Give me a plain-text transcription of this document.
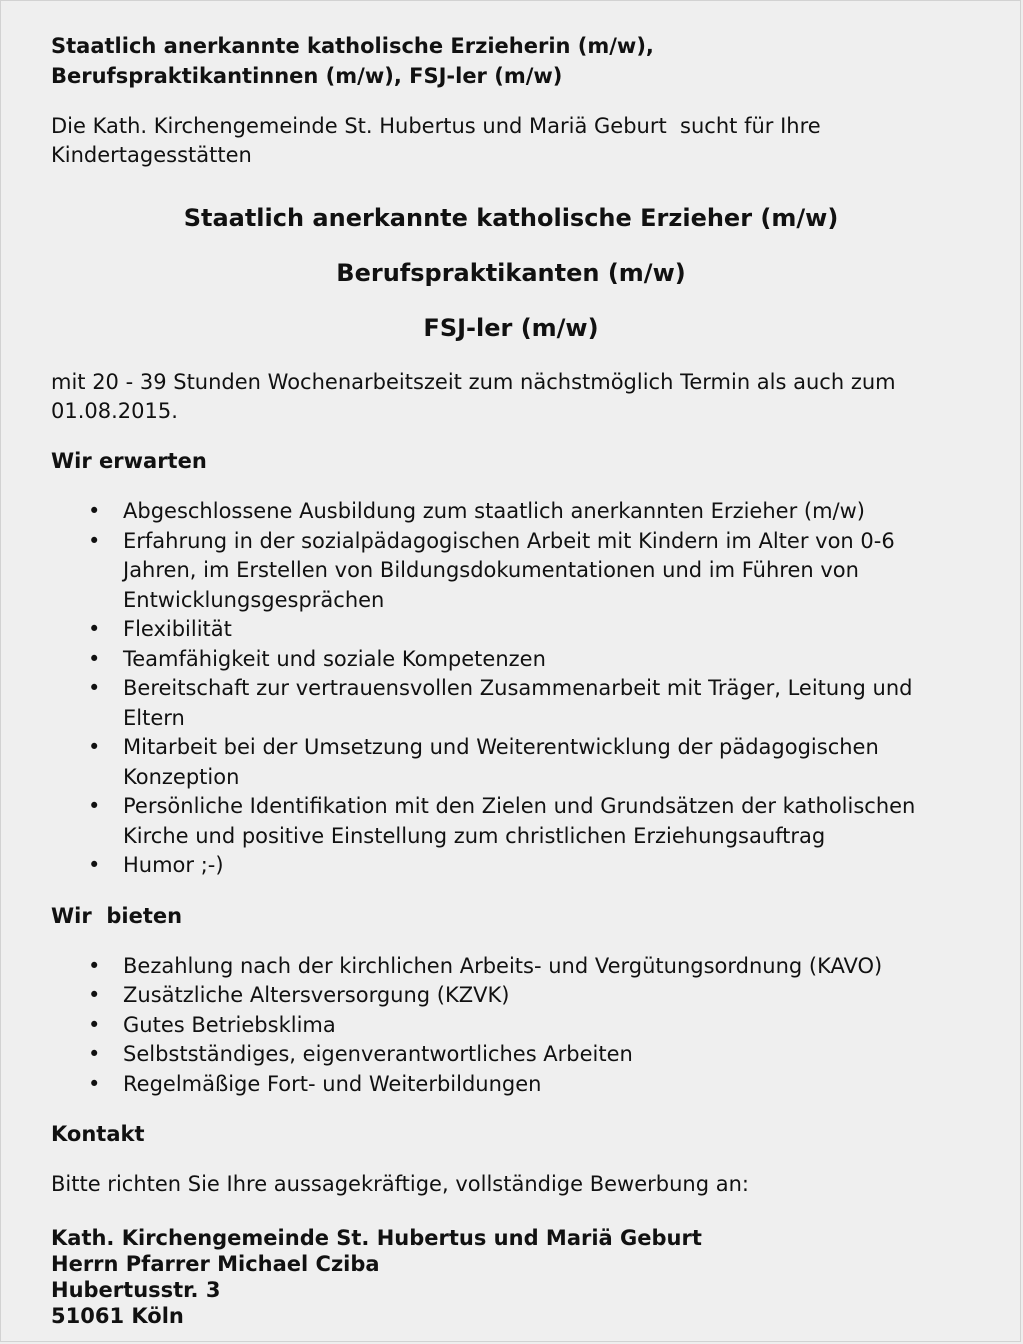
Staatlich anerkannte katholische Erzieherin (m/w),
Berufspraktikantinnen (m/w), FSJ-ler (m/w)

Die Kath. Kirchengemeinde St. Hubertus und Mariä Geburt  sucht für Ihre
Kindertagesstätten

Staatlich anerkannte katholische Erzieher (m/w)

Berufspraktikanten (m/w)

FSJ-ler (m/w)

mit 20 - 39 Stunden Wochenarbeitszeit zum nächstmöglich Termin als auch zum
01.08.2015.

Wir erwarten

• Abgeschlossene Ausbildung zum staatlich anerkannten Erzieher (m/w)
• Erfahrung in der sozialpädagogischen Arbeit mit Kindern im Alter von 0-6
Jahren, im Erstellen von Bildungsdokumentationen und im Führen von
Entwicklungsgesprächen
• Flexibilität
• Teamfähigkeit und soziale Kompetenzen
• Bereitschaft zur vertrauensvollen Zusammenarbeit mit Träger, Leitung und
Eltern
• Mitarbeit bei der Umsetzung und Weiterentwicklung der pädagogischen
Konzeption
• Persönliche Identifikation mit den Zielen und Grundsätzen der katholischen
Kirche und positive Einstellung zum christlichen Erziehungsauftrag
• Humor ;-)

Wir  bieten

• Bezahlung nach der kirchlichen Arbeits- und Vergütungsordnung (KAVO)
• Zusätzliche Altersversorgung (KZVK)
• Gutes Betriebsklima
• Selbstständiges, eigenverantwortliches Arbeiten
• Regelmäßige Fort- und Weiterbildungen

Kontakt

Bitte richten Sie Ihre aussagekräftige, vollständige Bewerbung an:

Kath. Kirchengemeinde St. Hubertus und Mariä Geburt
Herrn Pfarrer Michael Cziba
Hubertusstr. 3
51061 Köln
